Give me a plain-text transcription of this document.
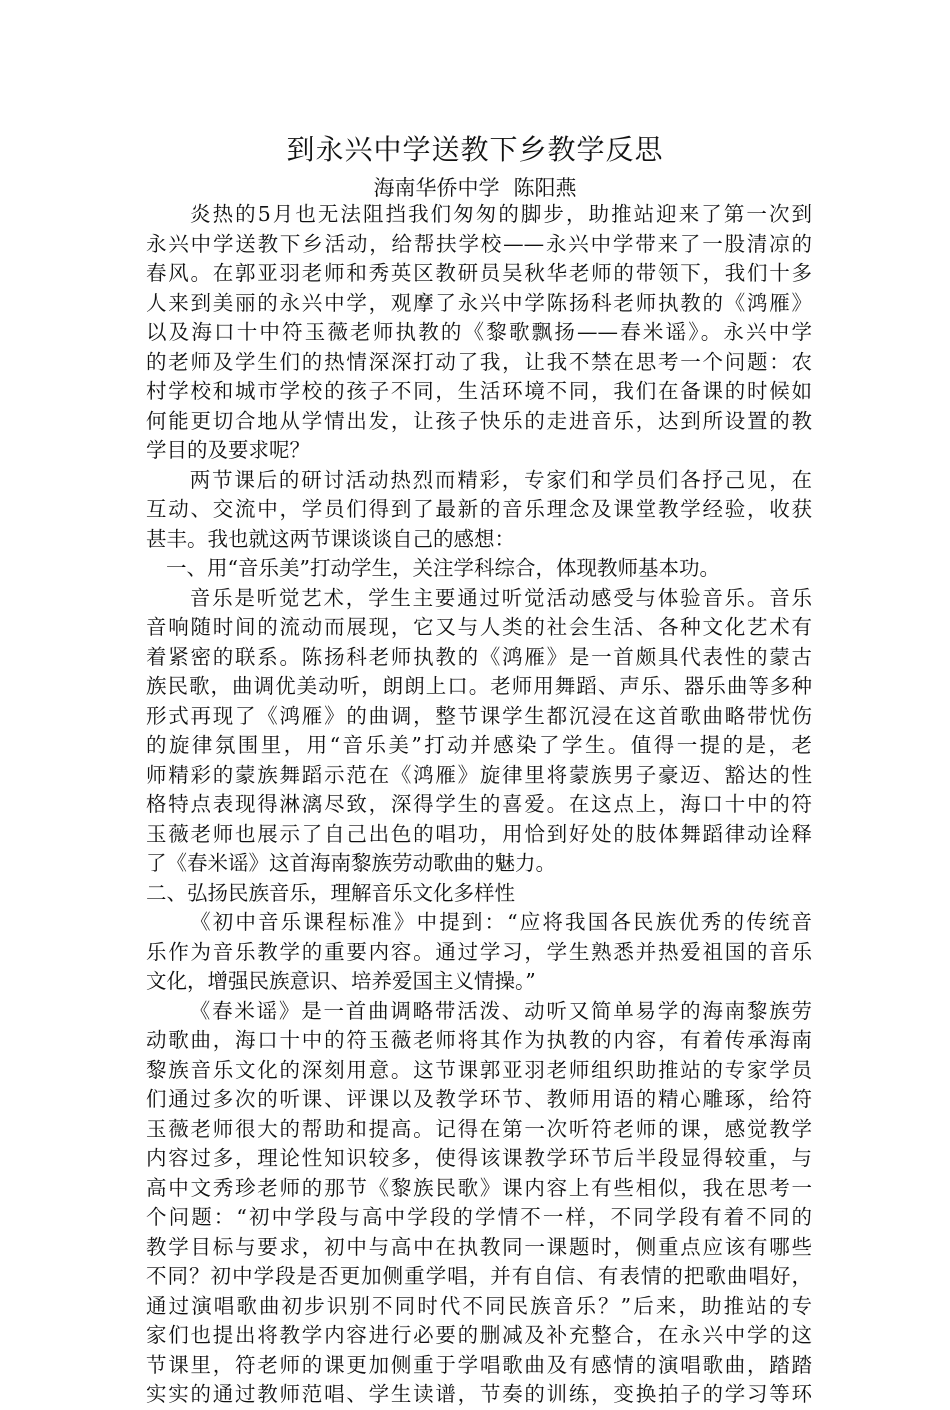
到永兴中学送教下乡教学反思
海南华侨中学 陈阳燕
炎热的5月也无法阻挡我们匆匆的脚步，助推站迎来了第一次到
永兴中学送教下乡活动，给帮扶学校——永兴中学带来了一股清凉的
春风。在郭亚羽老师和秀英区教研员吴秋华老师的带领下，我们十多
人来到美丽的永兴中学，观摩了永兴中学陈扬科老师执教的《鸿雁》
以及海口十中符玉薇老师执教的《黎歌飘扬——春米谣》。永兴中学
的老师及学生们的热情深深打动了我，让我不禁在思考一个问题：农
村学校和城市学校的孩子不同，生活环境不同，我们在备课的时候如
何能更切合地从学情出发，让孩子快乐的走进音乐，达到所设置的教
学目的及要求呢？
两节课后的研讨活动热烈而精彩，专家们和学员们各抒己见，在
互动、交流中，学员们得到了最新的音乐理念及课堂教学经验，收获
甚丰。我也就这两节课谈谈自己的感想：
一、用“音乐美”打动学生，关注学科综合，体现教师基本功。
音乐是听觉艺术，学生主要通过听觉活动感受与体验音乐。音乐
音响随时间的流动而展现，它又与人类的社会生活、各种文化艺术有
着紧密的联系。陈扬科老师执教的《鸿雁》是一首颇具代表性的蒙古
族民歌，曲调优美动听，朗朗上口。老师用舞蹈、声乐、器乐曲等多种
形式再现了《鸿雁》的曲调，整节课学生都沉浸在这首歌曲略带忧伤
的旋律氛围里，用“音乐美”打动并感染了学生。值得一提的是，老
师精彩的蒙族舞蹈示范在《鸿雁》旋律里将蒙族男子豪迈、豁达的性
格特点表现得淋漓尽致，深得学生的喜爱。在这点上，海口十中的符
玉薇老师也展示了自己出色的唱功，用恰到好处的肢体舞蹈律动诠释
了《春米谣》这首海南黎族劳动歌曲的魅力。
二、弘扬民族音乐，理解音乐文化多样性
《初中音乐课程标准》中提到：“应将我国各民族优秀的传统音
乐作为音乐教学的重要内容。通过学习，学生熟悉并热爱祖国的音乐
文化，增强民族意识、培养爱国主义情操。”
《春米谣》是一首曲调略带活泼、动听又简单易学的海南黎族劳
动歌曲，海口十中的符玉薇老师将其作为执教的内容，有着传承海南
黎族音乐文化的深刻用意。这节课郭亚羽老师组织助推站的专家学员
们通过多次的听课、评课以及教学环节、教师用语的精心雕琢，给符
玉薇老师很大的帮助和提高。记得在第一次听符老师的课，感觉教学
内容过多，理论性知识较多，使得该课教学环节后半段显得较重，与
高中文秀珍老师的那节《黎族民歌》课内容上有些相似，我在思考一
个问题：“初中学段与高中学段的学情不一样，不同学段有着不同的
教学目标与要求，初中与高中在执教同一课题时，侧重点应该有哪些
不同？初中学段是否更加侧重学唱，并有自信、有表情的把歌曲唱好，
通过演唱歌曲初步识别不同时代不同民族音乐？”后来，助推站的专
家们也提出将教学内容进行必要的删减及补充整合，在永兴中学的这
节课里，符老师的课更加侧重于学唱歌曲及有感情的演唱歌曲，踏踏
实实的通过教师范唱、学生读谱，节奏的训练，变换拍子的学习等环
